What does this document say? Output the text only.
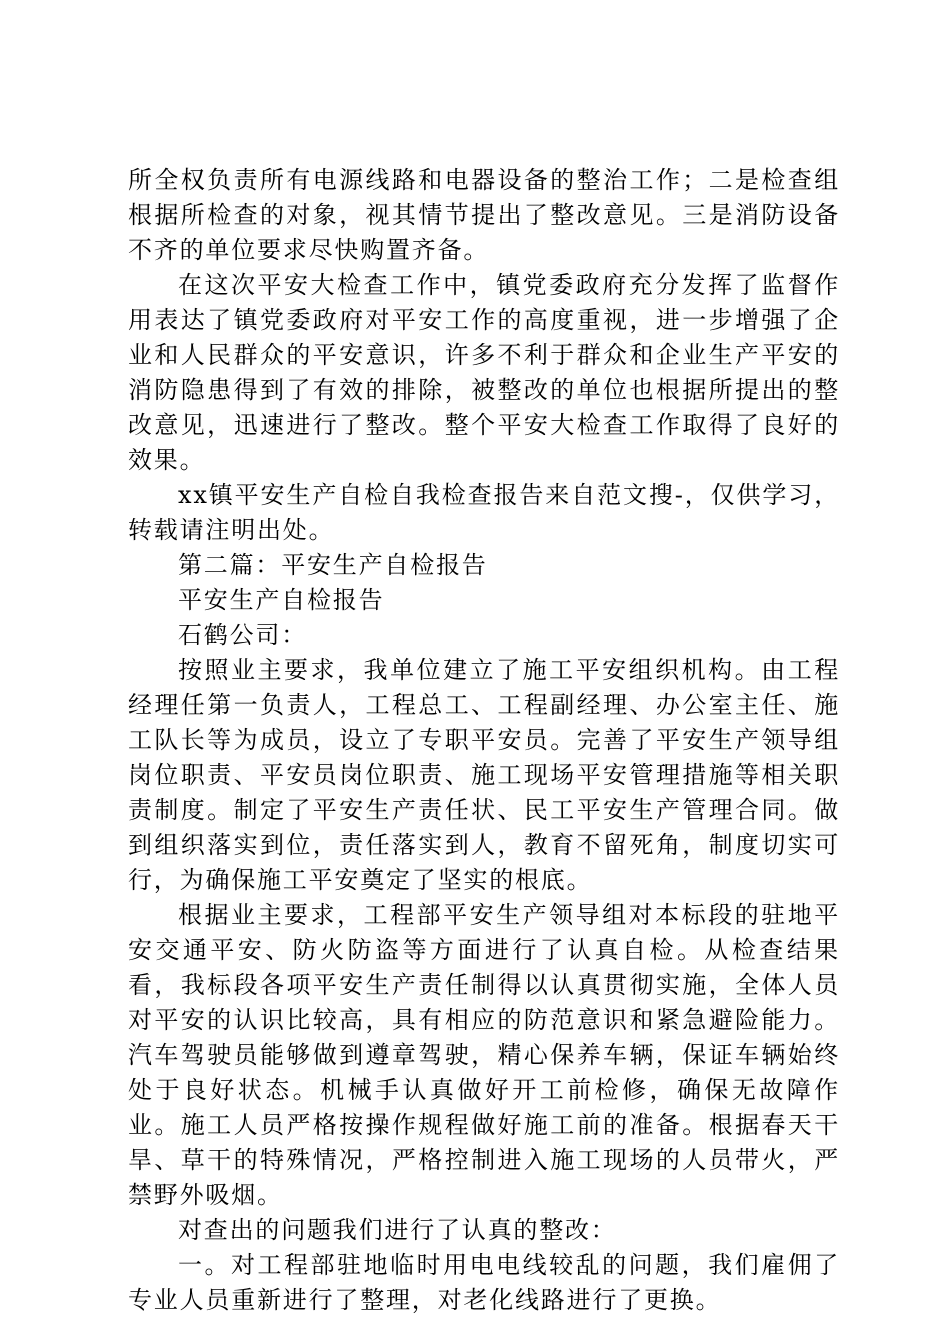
所全权负责所有电源线路和电器设备的整治工作；二是检查组根据所检查的对象，视其情节提出了整改意见。三是消防设备不齐的单位要求尽快购置齐备。

在这次平安大检查工作中，镇党委政府充分发挥了监督作用表达了镇党委政府对平安工作的高度重视，进一步增强了企业和人民群众的平安意识，许多不利于群众和企业生产平安的消防隐患得到了有效的排除，被整改的单位也根据所提出的整改意见，迅速进行了整改。整个平安大检查工作取得了良好的效果。

xx镇平安生产自检自我检查报告来自范文搜-，仅供学习，转载请注明出处。

第二篇：平安生产自检报告

平安生产自检报告

石鹤公司：

按照业主要求，我单位建立了施工平安组织机构。由工程经理任第一负责人，工程总工、工程副经理、办公室主任、施工队长等为成员，设立了专职平安员。完善了平安生产领导组岗位职责、平安员岗位职责、施工现场平安管理措施等相关职责制度。制定了平安生产责任状、民工平安生产管理合同。做到组织落实到位，责任落实到人，教育不留死角，制度切实可行，为确保施工平安奠定了坚实的根底。

根据业主要求，工程部平安生产领导组对本标段的驻地平安交通平安、防火防盗等方面进行了认真自检。从检查结果看，我标段各项平安生产责任制得以认真贯彻实施，全体人员对平安的认识比较高，具有相应的防范意识和紧急避险能力。汽车驾驶员能够做到遵章驾驶，精心保养车辆，保证车辆始终处于良好状态。机械手认真做好开工前检修，确保无故障作业。施工人员严格按操作规程做好施工前的准备。根据春天干旱、草干的特殊情况，严格控制进入施工现场的人员带火，严禁野外吸烟。

对查出的问题我们进行了认真的整改：

一。对工程部驻地临时用电电线较乱的问题，我们雇佣了专业人员重新进行了整理，对老化线路进行了更换。
